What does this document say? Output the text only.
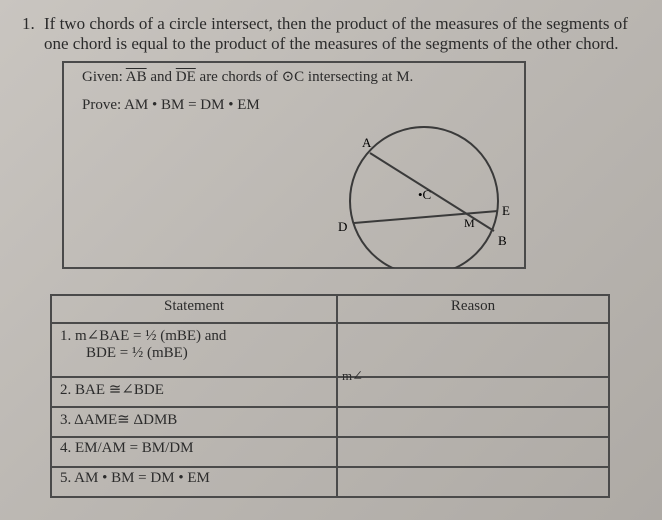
1. If two chords of a circle intersect, then the product of the measures of the segments of one chord is equal to the product of the measures of the segments of the other chord.
Given: $\overline{AB}$ and $\overline{DE}$ are chords of ⊙C intersecting at M.
Prove: AM • BM = DM • EM
A
•C
E
M
D
B
Statement	Reason

1. m∠BAE = ½ (mBE) and
BDE = ½ (mBE)
m∠	

2. BAE ≅∠BDE	
3. ΔAME≅ ΔDMB	
4. EM/AM = BM/DM	
5. AM • BM = DM • EM	
